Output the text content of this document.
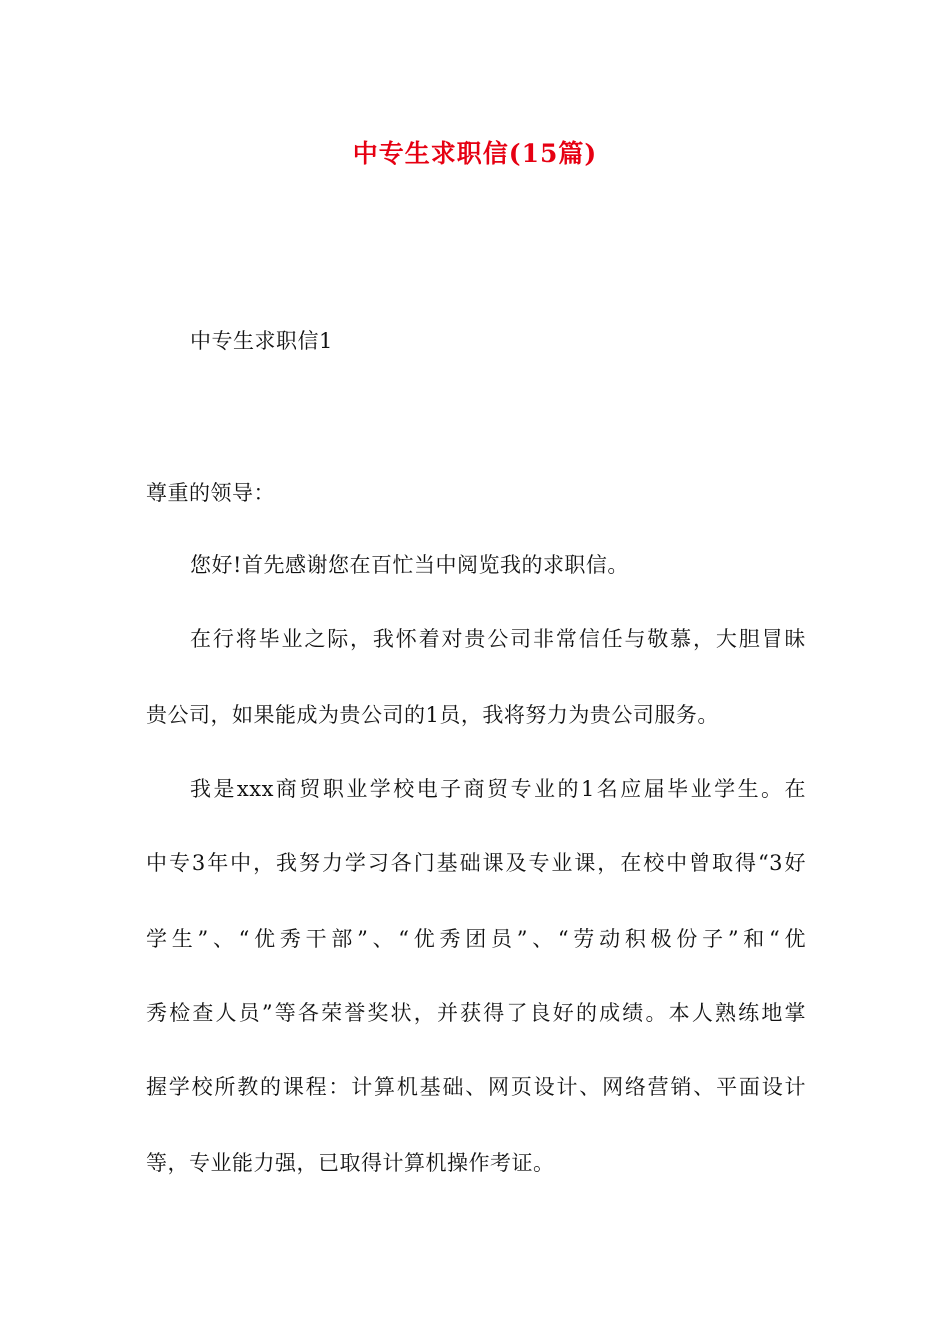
中专生求职信(15篇)
中专生求职信1
尊重的领导：
您好!首先感谢您在百忙当中阅览我的求职信。
在行将毕业之际，我怀着对贵公司非常信任与敬慕，大胆冒昧
贵公司，如果能成为贵公司的1员，我将努力为贵公司服务。
我是xxx商贸职业学校电子商贸专业的1名应届毕业学生。在
中专3年中，我努力学习各门基础课及专业课，在校中曾取得“3好
学生”、“优秀干部”、“优秀团员”、“劳动积极份子”和“优
秀检查人员”等各荣誉奖状，并获得了良好的成绩。本人熟练地掌
握学校所教的课程：计算机基础、网页设计、网络营销、平面设计
等，专业能力强，已取得计算机操作考证。
